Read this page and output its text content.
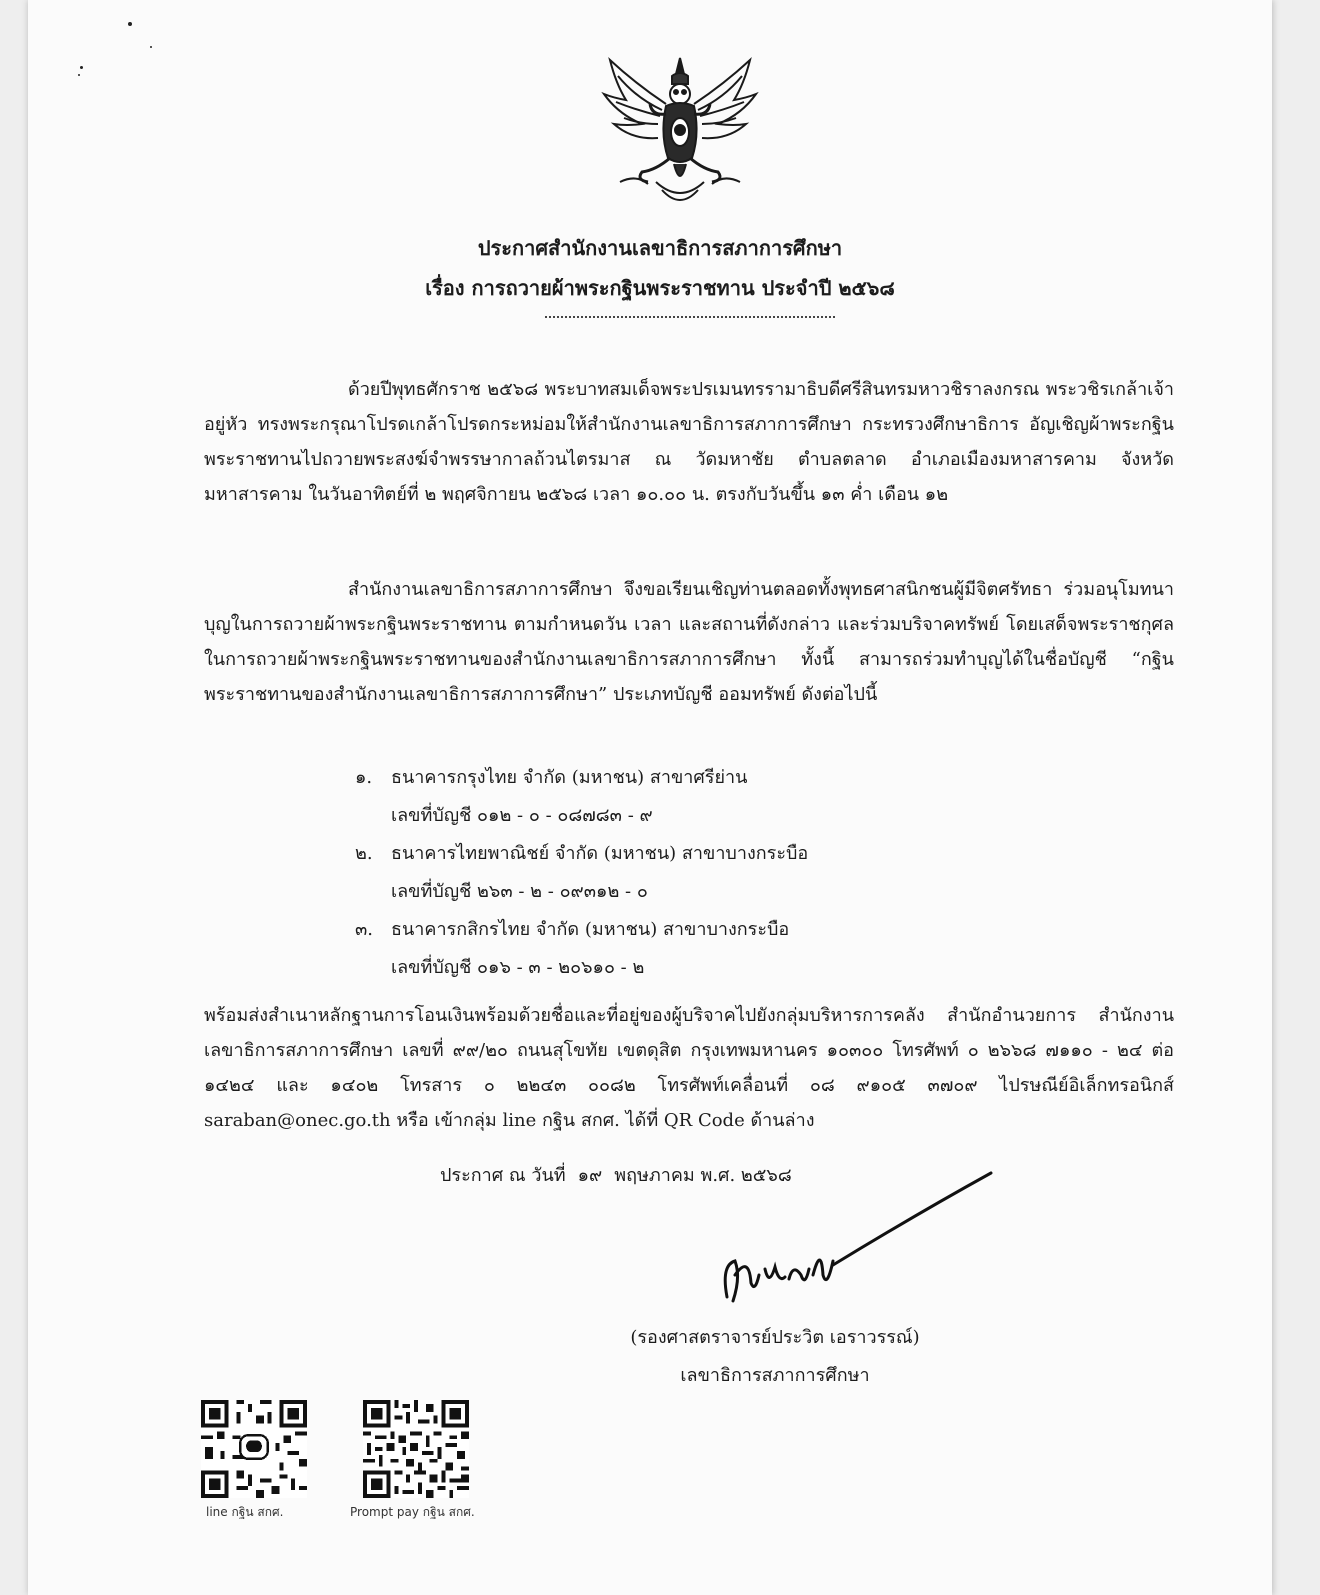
ประกาศสำนักงานเลขาธิการสภาการศึกษา
เรื่อง การถวายผ้าพระกฐินพระราชทาน ประจำปี ๒๕๖๘
ด้วยปีพุทธศักราช ๒๕๖๘ พระบาทสมเด็จพระปรเมนทรรามาธิบดีศรีสินทรมหาวชิราลงกรณ พระวชิรเกล้าเจ้าอยู่หัว ทรงพระกรุณาโปรดเกล้าโปรดกระหม่อมให้สำนักงานเลขาธิการสภาการศึกษา กระทรวงศึกษาธิการ อัญเชิญผ้าพระกฐินพระราชทานไปถวายพระสงฆ์จำพรรษากาลถ้วนไตรมาส ณ วัดมหาชัย ตำบลตลาด อำเภอเมืองมหาสารคาม จังหวัดมหาสารคาม ในวันอาทิตย์ที่ ๒ พฤศจิกายน ๒๕๖๘ เวลา ๑๐.๐๐ น. ตรงกับวันขึ้น ๑๓ ค่ำ เดือน ๑๒
สำนักงานเลขาธิการสภาการศึกษา จึงขอเรียนเชิญท่านตลอดทั้งพุทธศาสนิกชนผู้มีจิตศรัทธา ร่วมอนุโมทนาบุญในการถวายผ้าพระกฐินพระราชทาน ตามกำหนดวัน เวลา และสถานที่ดังกล่าว และร่วมบริจาคทรัพย์ โดยเสด็จพระราชกุศลในการถวายผ้าพระกฐินพระราชทานของสำนักงานเลขาธิการสภาการศึกษา ทั้งนี้ สามารถร่วมทำบุญได้ในชื่อบัญชี “กฐินพระราชทานของสำนักงานเลขาธิการสภาการศึกษา” ประเภทบัญชี ออมทรัพย์ ดังต่อไปนี้
๑. ธนาคารกรุงไทย จำกัด (มหาชน) สาขาศรีย่าน
เลขที่บัญชี ๐๑๒ - ๐ - ๐๘๗๘๓ - ๙
๒. ธนาคารไทยพาณิชย์ จำกัด (มหาชน) สาขาบางกระบือ
เลขที่บัญชี ๒๖๓ - ๒ - ๐๙๓๑๒ - ๐
๓. ธนาคารกสิกรไทย จำกัด (มหาชน) สาขาบางกระบือ
เลขที่บัญชี ๐๑๖ - ๓ - ๒๐๖๑๐ - ๒
พร้อมส่งสำเนาหลักฐานการโอนเงินพร้อมด้วยชื่อและที่อยู่ของผู้บริจาคไปยังกลุ่มบริหารการคลัง สำนักอำนวยการ สำนักงานเลขาธิการสภาการศึกษา เลขที่ ๙๙/๒๐ ถนนสุโขทัย เขตดุสิต กรุงเทพมหานคร ๑๐๓๐๐ โทรศัพท์ ๐ ๒๖๖๘ ๗๑๑๐ - ๒๔ ต่อ ๑๔๒๔ และ ๑๔๐๒ โทรสาร ๐ ๒๒๔๓ ๐๐๘๒ โทรศัพท์เคลื่อนที่ ๐๘ ๙๑๐๕ ๓๗๐๙ ไปรษณีย์อิเล็กทรอนิกส์ saraban@onec.go.th หรือ เข้ากลุ่ม line กฐิน สกศ. ได้ที่ QR Code ด้านล่าง
ประกาศ ณ วันที่ ๑๙ พฤษภาคม พ.ศ. ๒๕๖๘
(รองศาสตราจารย์ประวิต เอราวรรณ์)
เลขาธิการสภาการศึกษา
line กฐิน สกศ.	Prompt pay กฐิน สกศ.
